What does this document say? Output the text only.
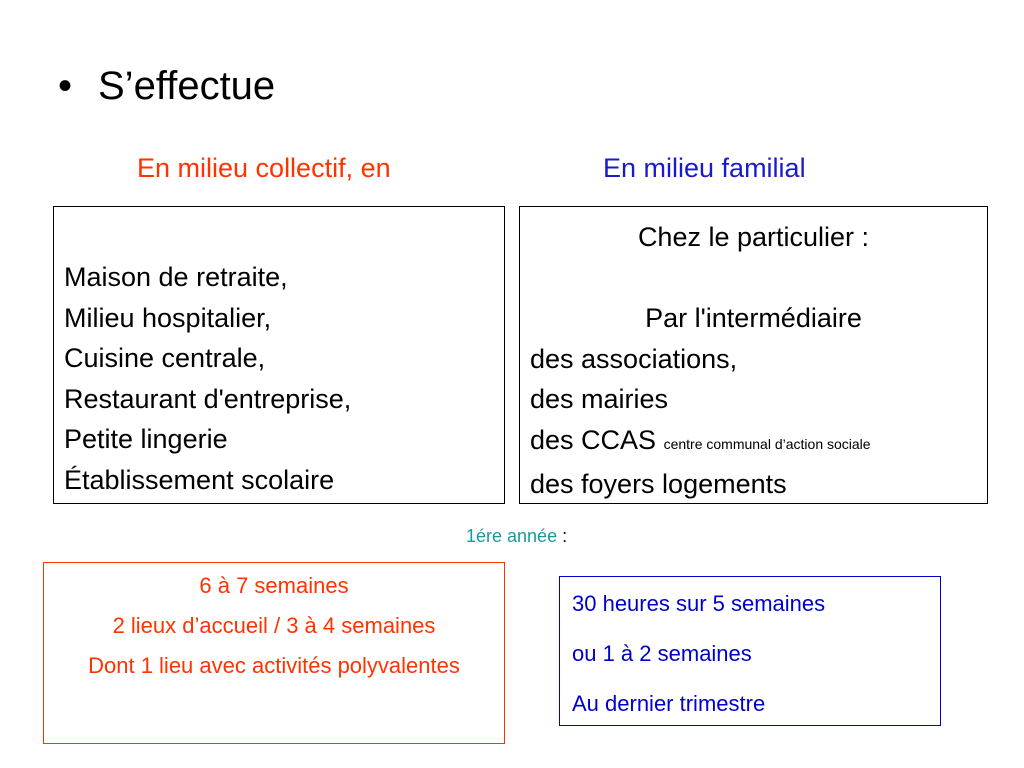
• S’effectue
En milieu collectif, en	En milieu familial
Maison de retraite,
Milieu hospitalier,
Cuisine centrale,
Restaurant d'entreprise,
Petite lingerie
Établissement scolaire
Chez le particulier :
Par l'intermédiaire
des associations,
des mairies
des CCAS centre communal d’action sociale
des foyers logements
1ére année :

6 à 7 semaines

2 lieux d’accueil / 3 à 4 semaines

Dont 1 lieu avec activités polyvalentes

30 heures sur 5 semaines

ou 1 à 2 semaines

Au dernier trimestre
